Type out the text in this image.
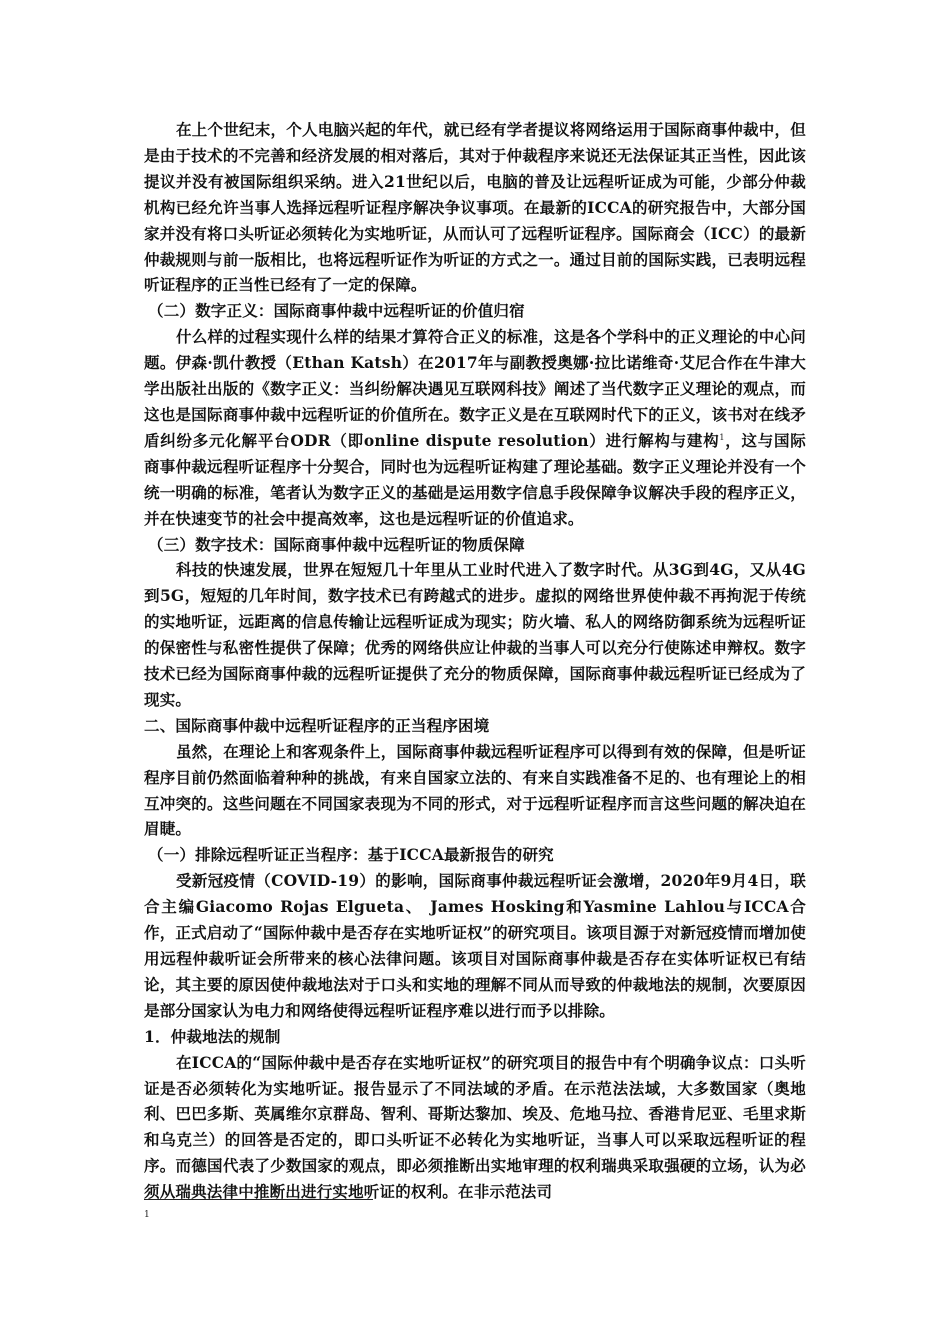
在上个世纪末，个人电脑兴起的年代，就已经有学者提议将网络运用于国际商事仲裁中，但是由于技术的不完善和经济发展的相对落后，其对于仲裁程序来说还无法保证其正当性，因此该提议并没有被国际组织采纳。进入21世纪以后，电脑的普及让远程听证成为可能，少部分仲裁机构已经允许当事人选择远程听证程序解决争议事项。在最新的ICCA的研究报告中，大部分国家并没有将口头听证必须转化为实地听证，从而认可了远程听证程序。国际商会（ICC）的最新仲裁规则与前一版相比，也将远程听证作为听证的方式之一。通过目前的国际实践，已表明远程听证程序的正当性已经有了一定的保障。

（二）数字正义：国际商事仲裁中远程听证的价值归宿

什么样的过程实现什么样的结果才算符合正义的标准，这是各个学科中的正义理论的中心问题。伊森·凯什教授（Ethan Katsh）在2017年与副教授奥娜·拉比诺维奇·艾尼合作在牛津大学出版社出版的《数字正义：当纠纷解决遇见互联网科技》阐述了当代数字正义理论的观点，而这也是国际商事仲裁中远程听证的价值所在。数字正义是在互联网时代下的正义，该书对在线矛盾纠纷多元化解平台ODR（即online dispute resolution）进行解构与建构$^1$，这与国际商事仲裁远程听证程序十分契合，同时也为远程听证构建了理论基础。数字正义理论并没有一个统一明确的标准，笔者认为数字正义的基础是运用数字信息手段保障争议解决手段的程序正义，并在快速变节的社会中提高效率，这也是远程听证的价值追求。

（三）数字技术：国际商事仲裁中远程听证的物质保障

科技的快速发展，世界在短短几十年里从工业时代进入了数字时代。从3G到4G，又从4G到5G，短短的几年时间，数字技术已有跨越式的进步。虚拟的网络世界使仲裁不再拘泥于传统的实地听证，远距离的信息传输让远程听证成为现实；防火墙、私人的网络防御系统为远程听证的保密性与私密性提供了保障；优秀的网络供应让仲裁的当事人可以充分行使陈述申辩权。数字技术已经为国际商事仲裁的远程听证提供了充分的物质保障，国际商事仲裁远程听证已经成为了现实。

二、国际商事仲裁中远程听证程序的正当程序困境

虽然，在理论上和客观条件上，国际商事仲裁远程听证程序可以得到有效的保障，但是听证程序目前仍然面临着种种的挑战，有来自国家立法的、有来自实践准备不足的、也有理论上的相互冲突的。这些问题在不同国家表现为不同的形式，对于远程听证程序而言这些问题的解决迫在眉睫。

（一）排除远程听证正当程序：基于ICCA最新报告的研究

受新冠疫情（COVID-19）的影响，国际商事仲裁远程听证会激增，2020年9月4日，联合主编Giacomo Rojas Elgueta、 James Hosking和Yasmine Lahlou与ICCA合作，正式启动了“国际仲裁中是否存在实地听证权”的研究项目。该项目源于对新冠疫情而增加使用远程仲裁听证会所带来的核心法律问题。该项目对国际商事仲裁是否存在实体听证权已有结论，其主要的原因使仲裁地法对于口头和实地的理解不同从而导致的仲裁地法的规制，次要原因是部分国家认为电力和网络使得远程听证程序难以进行而予以排除。

1．仲裁地法的规制

在ICCA的“国际仲裁中是否存在实地听证权”的研究项目的报告中有个明确争议点：口头听证是否必须转化为实地听证。报告显示了不同法域的矛盾。在示范法法域，大多数国家（奥地利、巴巴多斯、英属维尔京群岛、智利、哥斯达黎加、埃及、危地马拉、香港肯尼亚、毛里求斯和乌克兰）的回答是否定的，即口头听证不必转化为实地听证，当事人可以采取远程听证的程序。而德国代表了少数国家的观点，即必须推断出实地审理的权利瑞典采取强硬的立场，认为必须从瑞典法律中推断出进行实地听证的权利。在非示范法司

1
